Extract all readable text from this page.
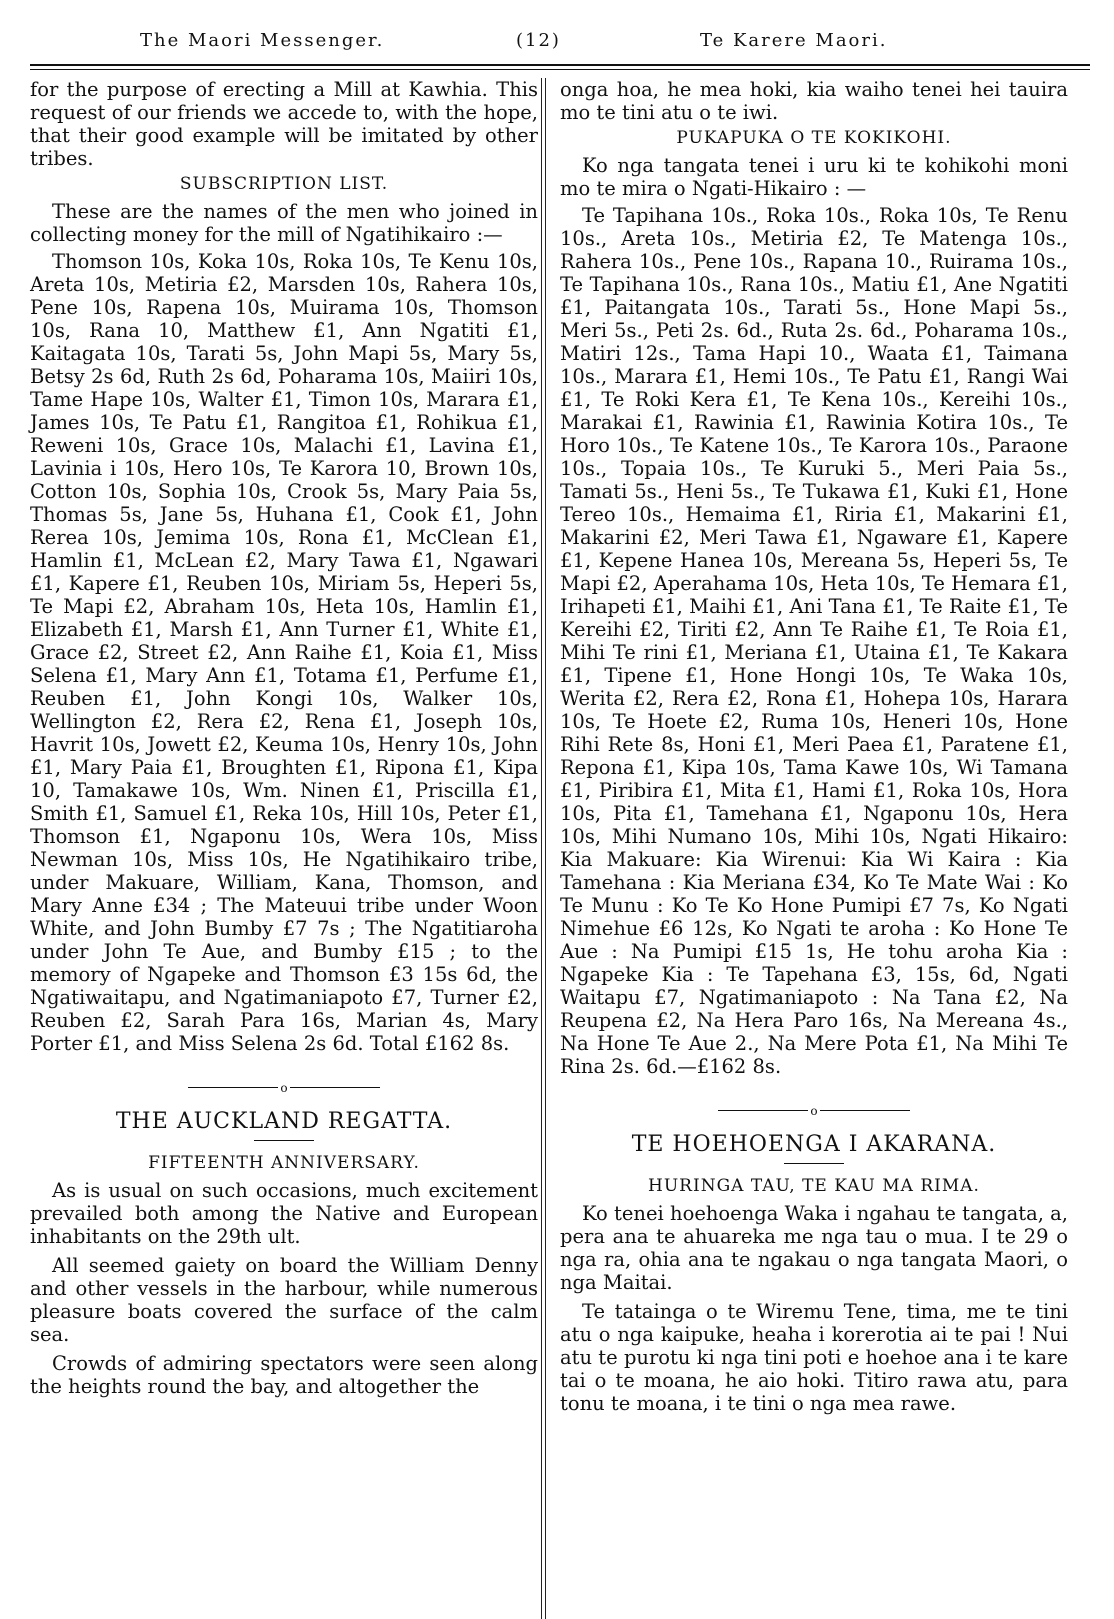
The Maori Messenger.	(12)	Te Karere Maori.

for the purpose of erecting a Mill at Kawhia. This request of our friends we accede to, with the hope, that their good example will be imitated by other tribes.

SUBSCRIPTION LIST.

These are the names of the men who joined in collecting money for the mill of Ngatihikairo :—

Thomson 10s, Koka 10s, Roka 10s, Te Kenu 10s, Areta 10s, Metiria £2, Marsden 10s, Rahera 10s, Pene 10s, Rapena 10s, Muirama 10s, Thomson 10s, Rana 10, Matthew £1, Ann Ngatiti £1, Kaitagata 10s, Tarati 5s, John Mapi 5s, Mary 5s, Betsy 2s 6d, Ruth 2s 6d, Poharama 10s, Maiiri 10s, Tame Hape 10s, Walter £1, Timon 10s, Marara £1, James 10s, Te Patu £1, Rangitoa £1, Rohikua £1, Reweni 10s, Grace 10s, Malachi £1, Lavina £1, Lavinia i 10s, Hero 10s, Te Karora 10, Brown 10s, Cotton 10s, Sophia 10s, Crook 5s, Mary Paia 5s, Thomas 5s, Jane 5s, Huhana £1, Cook £1, John Rerea 10s, Jemima 10s, Rona £1, McClean £1, Hamlin £1, McLean £2, Mary Tawa £1, Ngawari £1, Kapere £1, Reuben 10s, Miriam 5s, Heperi 5s, Te Mapi £2, Abraham 10s, Heta 10s, Hamlin £1, Elizabeth £1, Marsh £1, Ann Turner £1, White £1, Grace £2, Street £2, Ann Raihe £1, Koia £1, Miss Selena £1, Mary Ann £1, Totama £1, Perfume £1, Reuben £1, John Kongi 10s, Walker 10s, Wellington £2, Rera £2, Rena £1, Joseph 10s, Havrit 10s, Jowett £2, Keuma 10s, Henry 10s, John £1, Mary Paia £1, Broughten £1, Ripona £1, Kipa 10, Tamakawe 10s, Wm. Ninen £1, Priscilla £1, Smith £1, Samuel £1, Reka 10s, Hill 10s, Peter £1, Thomson £1, Ngaponu 10s, Wera 10s, Miss Newman 10s, Miss 10s, He Ngatihikairo tribe, under Makuare, William, Kana, Thomson, and Mary Anne £34 ; The Mateuui tribe under Woon White, and John Bumby £7 7s ; The Ngatitiaroha under John Te Aue, and Bumby £15 ; to the memory of Ngapeke and Thomson £3 15s 6d, the Ngatiwaitapu, and Ngatimaniapoto £7, Turner £2, Reuben £2, Sarah Para 16s, Marian 4s, Mary Porter £1, and Miss Selena 2s 6d. Total £162 8s.

o
THE AUCKLAND REGATTA.
FIFTEENTH ANNIVERSARY.

As is usual on such occasions, much excitement prevailed both among the Native and European inhabitants on the 29th ult.

All seemed gaiety on board the William Denny and other vessels in the harbour, while numerous pleasure boats covered the surface of the calm sea.

Crowds of admiring spectators were seen along the heights round the bay, and altogether the

onga hoa, he mea hoki, kia waiho tenei hei tauira mo te tini atu o te iwi.

PUKAPUKA O TE KOKIKOHI.

Ko nga tangata tenei i uru ki te kohikohi moni mo te mira o Ngati-Hikairo : —

Te Tapihana 10s., Roka 10s., Roka 10s, Te Renu 10s., Areta 10s., Metiria £2, Te Matenga 10s., Rahera 10s., Pene 10s., Rapana 10., Ruirama 10s., Te Tapihana 10s., Rana 10s., Matiu £1, Ane Ngatiti £1, Paitangata 10s., Tarati 5s., Hone Mapi 5s., Meri 5s., Peti 2s. 6d., Ruta 2s. 6d., Poharama 10s., Matiri 12s., Tama Hapi 10., Waata £1, Taimana 10s., Marara £1, Hemi 10s., Te Patu £1, Rangi Wai £1, Te Roki Kera £1, Te Kena 10s., Kereihi 10s., Marakai £1, Rawinia £1, Rawinia Kotira 10s., Te Horo 10s., Te Katene 10s., Te Karora 10s., Paraone 10s., Topaia 10s., Te Kuruki 5., Meri Paia 5s., Tamati 5s., Heni 5s., Te Tukawa £1, Kuki £1, Hone Tereo 10s., Hemaima £1, Riria £1, Makarini £1, Makarini £2, Meri Tawa £1, Ngaware £1, Kapere £1, Kepene Hanea 10s, Mereana 5s, Heperi 5s, Te Mapi £2, Aperahama 10s, Heta 10s, Te Hemara £1, Irihapeti £1, Maihi £1, Ani Tana £1, Te Raite £1, Te Kereihi £2, Tiriti £2, Ann Te Raihe £1, Te Roia £1, Mihi Te rini £1, Meriana £1, Utaina £1, Te Kakara £1, Tipene £1, Hone Hongi 10s, Te Waka 10s, Werita £2, Rera £2, Rona £1, Hohepa 10s, Harara 10s, Te Hoete £2, Ruma 10s, Heneri 10s, Hone Rihi Rete 8s, Honi £1, Meri Paea £1, Paratene £1, Repona £1, Kipa 10s, Tama Kawe 10s, Wi Tamana £1, Piribira £1, Mita £1, Hami £1, Roka 10s, Hora 10s, Pita £1, Tamehana £1, Ngaponu 10s, Hera 10s, Mihi Numano 10s, Mihi 10s, Ngati Hikairo: Kia Makuare: Kia Wirenui: Kia Wi Kaira : Kia Tamehana : Kia Meriana £34, Ko Te Mate Wai : Ko Te Munu : Ko Te Ko Hone Pumipi £7 7s, Ko Ngati Nimehue £6 12s, Ko Ngati te aroha : Ko Hone Te Aue : Na Pumipi £15 1s, He tohu aroha Kia : Ngapeke Kia : Te Tapehana £3, 15s, 6d, Ngati Waitapu £7, Ngatimaniapoto : Na Tana £2, Na Reupena £2, Na Hera Paro 16s, Na Mereana 4s., Na Hone Te Aue 2., Na Mere Pota £1, Na Mihi Te Rina 2s. 6d.—£162 8s.

o
TE HOEHOENGA I AKARANA.
HURINGA TAU, TE KAU MA RIMA.

Ko tenei hoehoenga Waka i ngahau te tangata, a, pera ana te ahuareka me nga tau o mua. I te 29 o nga ra, ohia ana te ngakau o nga tangata Maori, o nga Maitai.

Te tatainga o te Wiremu Tene, tima, me te tini atu o nga kaipuke, heaha i korerotia ai te pai ! Nui atu te purotu ki nga tini poti e hoehoe ana i te kare tai o te moana, he aio hoki. Titiro rawa atu, para tonu te moana, i te tini o nga mea rawe.
